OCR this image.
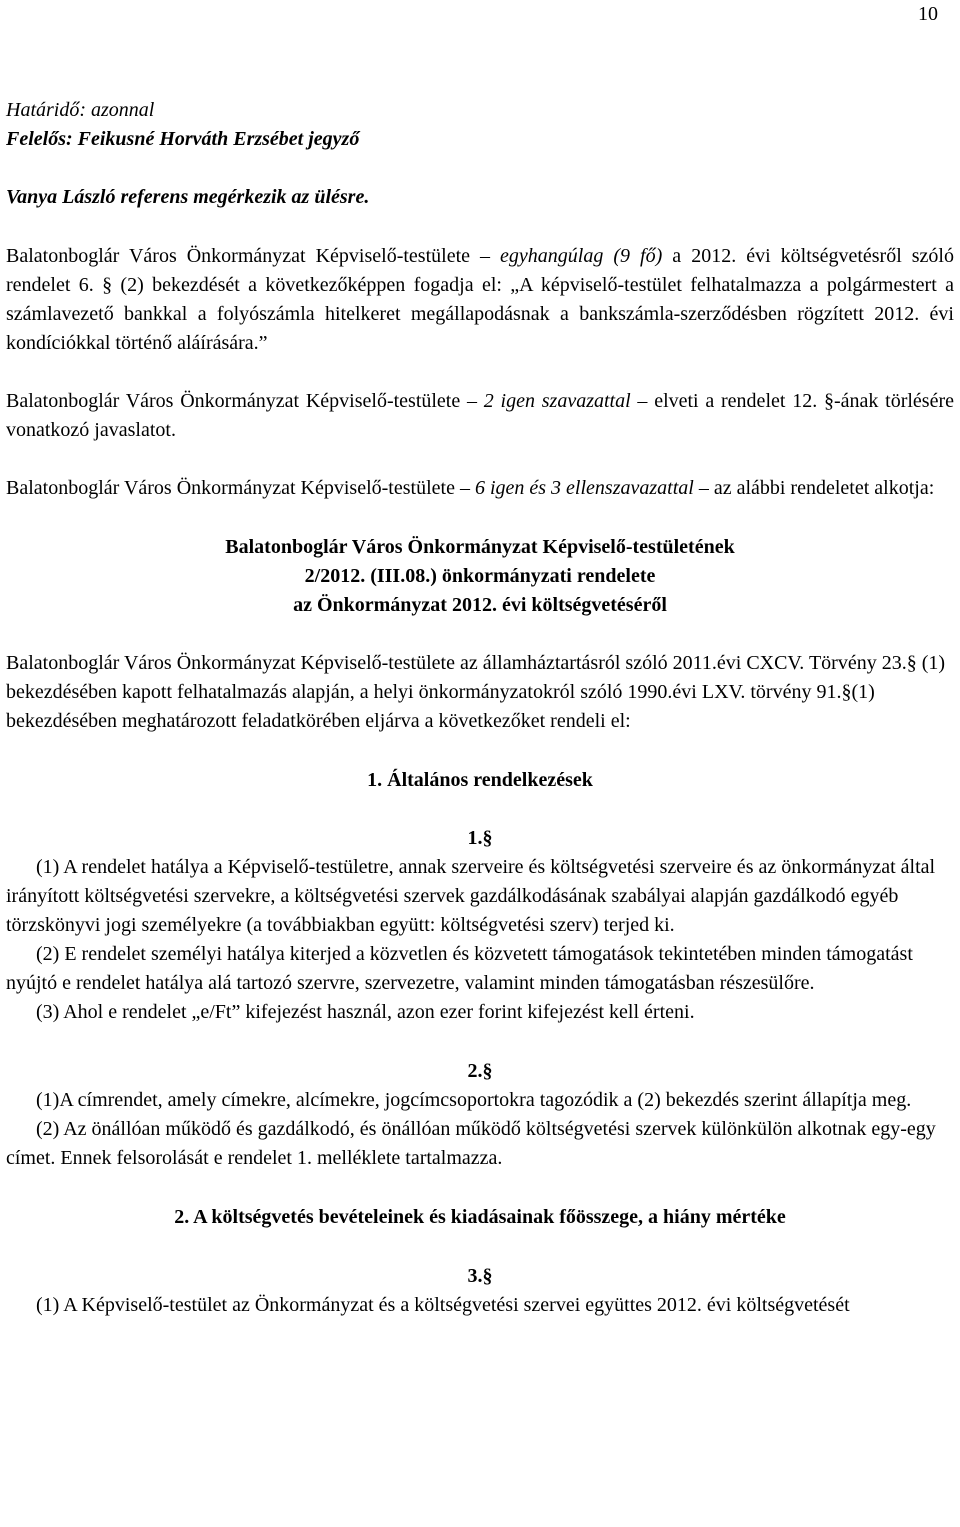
10

Határidő: azonnal

Felelős: Feikusné Horváth Erzsébet jegyző

Vanya László referens megérkezik az ülésre.

Balatonboglár Város Önkormányzat Képviselő-testülete – egyhangúlag (9 fő) a 2012. évi költségvetésről szóló rendelet 6. § (2) bekezdését a következőképpen fogadja el: „A képviselő-testület felhatalmazza a polgármestert a számlavezető bankkal a folyószámla hitelkeret megállapodásnak a bankszámla-szerződésben rögzített 2012. évi kondíciókkal történő aláírására.”

Balatonboglár Város Önkormányzat Képviselő-testülete – 2 igen szavazattal – elveti a rendelet 12. §-ának törlésére vonatkozó javaslatot.

Balatonboglár Város Önkormányzat Képviselő-testülete – 6 igen és 3 ellenszavazattal – az alábbi rendeletet alkotja:

Balatonboglár Város Önkormányzat Képviselő-testületének

2/2012. (III.08.) önkormányzati rendelete

az Önkormányzat 2012. évi költségvetéséről

Balatonboglár Város Önkormányzat Képviselő-testülete az államháztartásról szóló 2011.évi CXCV. Törvény 23.§ (1) bekezdésében kapott felhatalmazás alapján, a helyi önkormányzatokról szóló 1990.évi LXV. törvény 91.§(1) bekezdésében meghatározott feladatkörében eljárva a következőket rendeli el:

1. Általános rendelkezések

1.§

(1) A rendelet hatálya a Képviselő-testületre, annak szerveire és költségvetési szerveire és az önkormányzat által irányított költségvetési szervekre, a költségvetési szervek gazdálkodásának szabályai alapján gazdálkodó egyéb törzskönyvi jogi személyekre (a továbbiakban együtt: költségvetési szerv) terjed ki.

(2) E rendelet személyi hatálya kiterjed a közvetlen és közvetett támogatások tekintetében minden támogatást nyújtó e rendelet hatálya alá tartozó szervre, szervezetre, valamint minden támogatásban részesülőre.

(3) Ahol e rendelet „e/Ft” kifejezést használ, azon ezer forint kifejezést kell érteni.

2.§

(1)A címrendet, amely címekre, alcímekre, jogcímcsoportokra tagozódik a (2) bekezdés szerint állapítja meg.

(2) Az önállóan működő és gazdálkodó, és önállóan működő költségvetési szervek különkülön alkotnak egy-egy címet. Ennek felsorolását e rendelet 1. melléklete tartalmazza.

2. A költségvetés bevételeinek és kiadásainak főösszege, a hiány mértéke

3.§

(1) A Képviselő-testület az Önkormányzat és a költségvetési szervei együttes 2012. évi költségvetését
